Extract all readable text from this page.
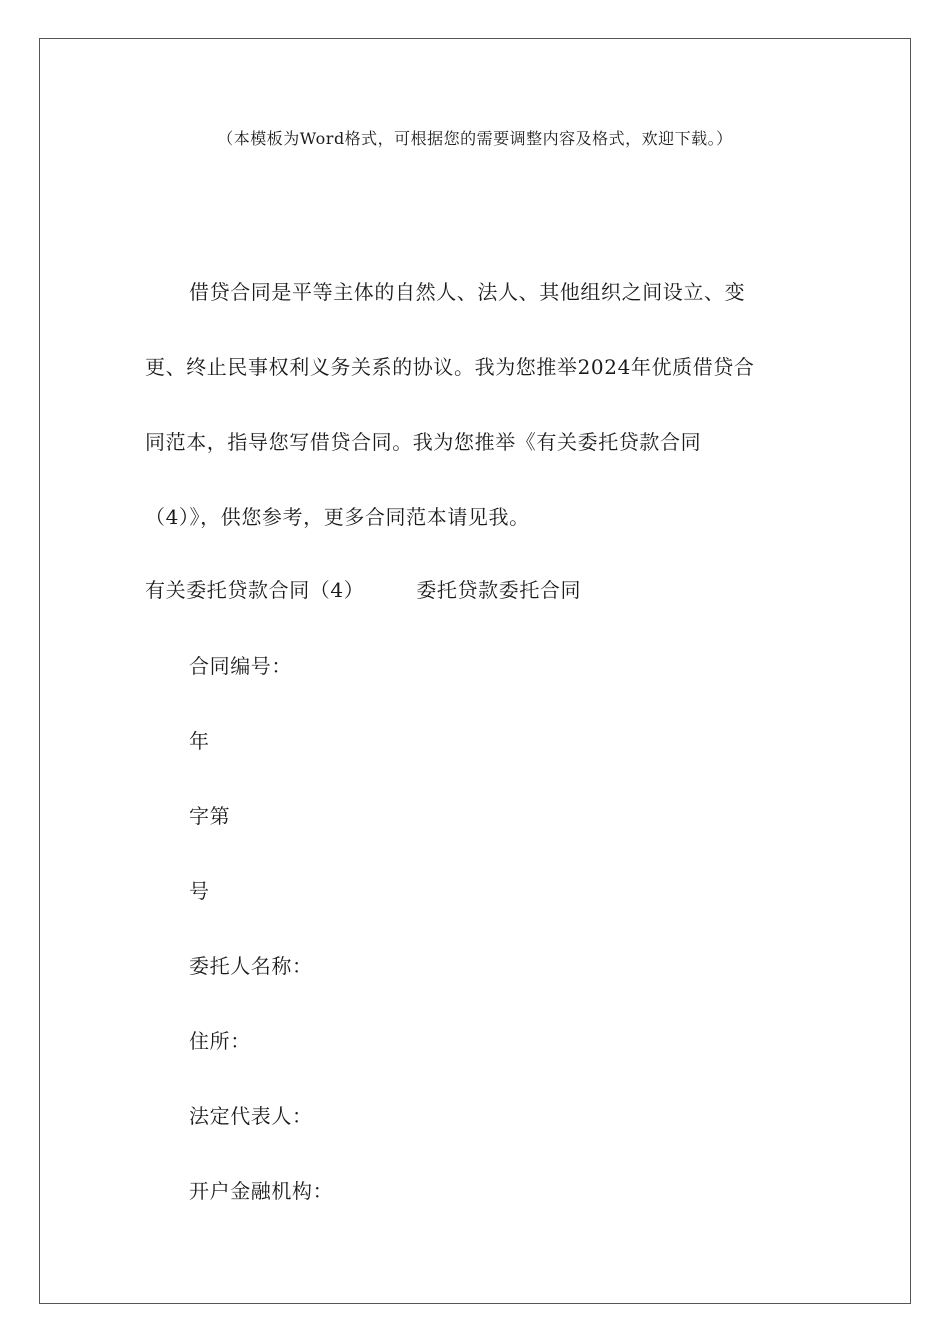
（本模板为Word格式，可根据您的需要调整内容及格式，欢迎下载。）
借贷合同是平等主体的自然人、法人、其他组织之间设立、变
更、终止民事权利义务关系的协议。我为您推举2024年优质借贷合
同范本，指导您写借贷合同。我为您推举《有关委托贷款合同
（4）》，供您参考，更多合同范本请见我。
有关委托贷款合同（4）	委托贷款委托合同
合同编号：
年
字第
号
委托人名称：
住所：
法定代表人：
开户金融机构：
